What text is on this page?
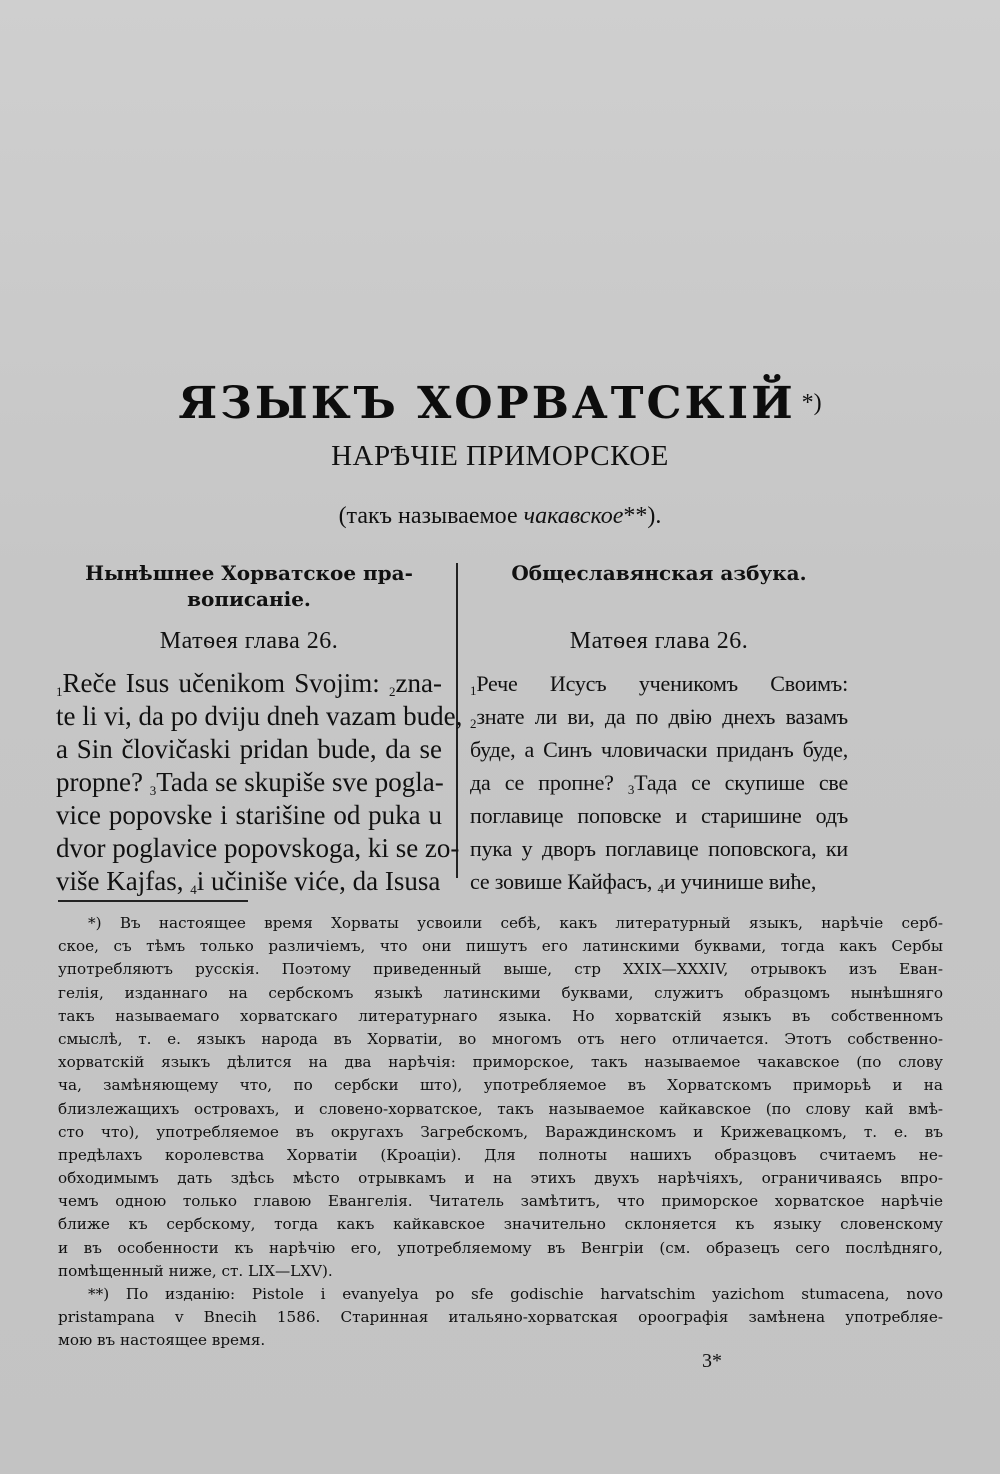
ЯЗЫКЪ ХОРВАТСКІЙ *)
НАРѢЧІЕ ПРИМОРСКОЕ
(такъ называемое чакавское**).
Нынѣшнее Хорватское пра-
вописаніе.
Матѳея глава 26.
$_1$Reče Isus učenikom Svojim: $_2$zna-
te li vi, da po dviju dneh vazam bude,
a Sin človičaski pridan bude, da se
propne? $_3$Tada se skupiše sve pogla-
vice popovske i starišine od puka u
dvor poglavice popovskoga, ki se zo-
više Kajfas, $_4$i učiniše viće, da Isusa
Общеславянская азбука.
Матѳея глава 26.
$_1$Рече Исусъ ученикомъ Своимъ:
$_2$знате ли ви, да по двію днехъ вазамъ
буде, а Синъ чловичаски приданъ буде,
да се пропне? $_3$Тада се скупише све
поглавице поповске и старишине одъ
пука у дворъ поглавице поповскога, ки
се зовише Кайфасъ, $_4$и учинише виће,
*) Въ настоящее время Хорваты усвоили себѣ, какъ литературный языкъ, нарѣчіе серб-
ское, съ тѣмъ только различіемъ, что они пишутъ его латинскими буквами, тогда какъ Сербы
употребляютъ русскія. Поэтому приведенный выше, стр XXIX—XXXIV, отрывокъ изъ Еван-
гелія, изданнаго на сербскомъ языкѣ латинскими буквами, служитъ образцомъ нынѣшняго
такъ называемаго хорватскаго литературнаго языка. Но хорватскій языкъ въ собственномъ
смыслѣ, т. е. языкъ народа въ Хорватіи, во многомъ отъ него отличается. Этотъ собственно-
хорватскій языкъ дѣлится на два нарѣчія: приморское, такъ называемое чакавское (по слову
ча, замѣняющему что, по сербски што), употребляемое въ Хорватскомъ приморьѣ и на
близлежащихъ островахъ, и словено-хорватское, такъ называемое кайкавское (по слову кай вмѣ-
сто что), употребляемое въ округахъ Загребскомъ, Вараждинскомъ и Крижевацкомъ, т. е. въ
предѣлахъ королевства Хорватіи (Кроаціи). Для полноты нашихъ образцовъ считаемъ не-
обходимымъ дать здѣсь мѣсто отрывкамъ и на этихъ двухъ нарѣчіяхъ, ограничиваясь впро-
чемъ одною только главою Евангелія. Читатель замѣтитъ, что приморское хорватское нарѣчіе
ближе къ сербскому, тогда какъ кайкавское значительно склоняется къ языку словенскому
и въ особенности къ нарѣчію его, употребляемому въ Венгріи (см. образецъ сего послѣдняго,
помѣщенный ниже, ст. LIX—LXV).
**) По изданію: Pistole i evanyelya po sfe godischie harvatschim yazichom stumacena, novo
pristampana v Bnecih 1586. Старинная итальяно-хорватская ороографія замѣнена употребляе-
мою въ настоящее время.
3*
